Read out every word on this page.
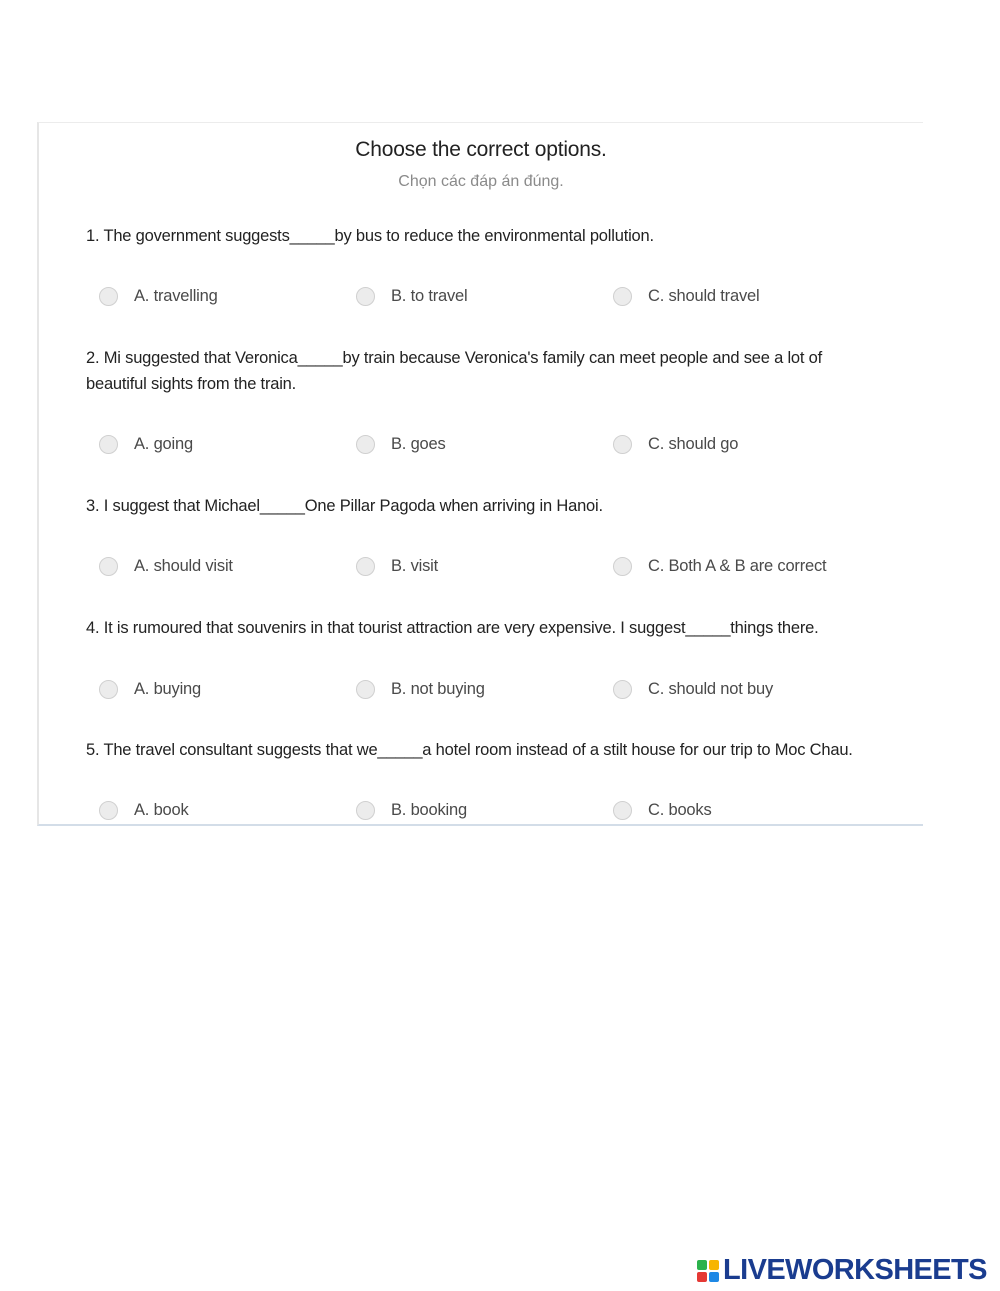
Choose the correct options.
Chọn các đáp án đúng.
1. The government suggests_____by bus to reduce the environmental pollution.
A. travelling	B. to travel	C. should travel
2. Mi suggested that Veronica_____by train because Veronica's family can meet people and see a lot of beautiful sights from the train.
A. going	B. goes	C. should go
3. I suggest that Michael_____One Pillar Pagoda when arriving in Hanoi.
A. should visit	B. visit	C. Both A & B are correct
4. It is rumoured that souvenirs in that tourist attraction are very expensive. I suggest_____things there.
A. buying	B. not buying	C. should not buy
5. The travel consultant suggests that we_____a hotel room instead of a stilt house for our trip to Moc Chau.
A. book	B. booking	C. books
LIVEWORKSHEETS
